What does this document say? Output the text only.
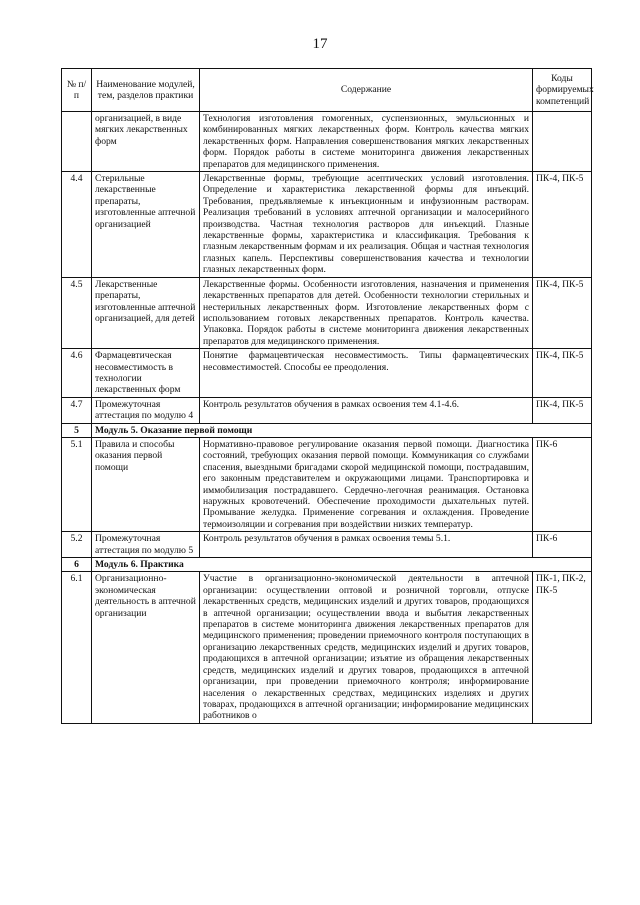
17
№ п/п	Наименование модулей, тем, разделов практики	Содержание	Коды формируемых компетенций
	организацией, в виде мягких лекарственных форм	Технология изготовления гомогенных, суспензионных, эмульсионных и комбинированных мягких лекарственных форм. Контроль качества мягких лекарственных форм. Направления совершенствования мягких лекарственных форм. Порядок работы в системе мониторинга движения лекарственных препаратов для медицинского применения.	
4.4	Стерильные лекарственные препараты, изготовленные аптечной организацией	Лекарственные формы, требующие асептических условий изготовления. Определение и характеристика лекарственной формы для инъекций. Требования, предъявляемые к инъекционным и инфузионным растворам. Реализация требований в условиях аптечной организации и малосерийного производства. Частная технология растворов для инъекций. Глазные лекарственные формы, характеристика и классификация. Требования к глазным лекарственным формам и их реализация. Общая и частная технология глазных капель. Перспективы совершенствования качества и технологии глазных лекарственных форм.	ПК-4, ПК-5
4.5	Лекарственные препараты, изготовленные аптечной организацией, для детей	Лекарственные формы. Особенности изготовления, назначения и применения лекарственных препаратов для детей. Особенности технологии стерильных и нестерильных лекарственных форм. Изготовление лекарственных форм с использованием готовых лекарственных препаратов. Контроль качества. Упаковка. Порядок работы в системе мониторинга движения лекарственных препаратов для медицинского применения.	ПК-4, ПК-5
4.6	Фармацевтическая несовместимость в технологии лекарственных форм	Понятие фармацевтическая несовместимость. Типы фармацевтических несовместимостей. Способы ее преодоления.	ПК-4, ПК-5
4.7	Промежуточная аттестация по модулю 4	Контроль результатов обучения в рамках освоения тем 4.1-4.6.	ПК-4, ПК-5
5	Модуль 5. Оказание первой помощи		
5.1	Правила и способы оказания первой помощи	Нормативно-правовое регулирование оказания первой помощи. Диагностика состояний, требующих оказания первой помощи. Коммуникация со службами спасения, выездными бригадами скорой медицинской помощи, пострадавшим, его законным представителем и окружающими лицами. Транспортировка и иммобилизация пострадавшего. Сердечно-легочная реанимация. Остановка наружных кровотечений. Обеспечение проходимости дыхательных путей. Промывание желудка. Применение согревания и охлаждения. Проведение термоизоляции и согревания при воздействии низких температур.	ПК-6
5.2	Промежуточная аттестация по модулю 5	Контроль результатов обучения в рамках освоения темы 5.1.	ПК-6
6	Модуль 6. Практика		
6.1	Организационно-экономическая деятельность в аптечной организации	Участие в организационно-экономической деятельности в аптечной организации: осуществлении оптовой и розничной торговли, отпуске лекарственных средств, медицинских изделий и других товаров, продающихся в аптечной организации; осуществлении ввода и выбытия лекарственных препаратов в системе мониторинга движения лекарственных препаратов для медицинского применения; проведении приемочного контроля поступающих в организацию лекарственных средств, медицинских изделий и других товаров, продающихся в аптечной организации; изъятие из обращения лекарственных средств, медицинских изделий и других товаров, продающихся в аптечной организации, при проведении приемочного контроля; информирование населения о лекарственных средствах, медицинских изделиях и других товарах, продающихся в аптечной организации; информирование медицинских работников о	ПК-1, ПК-2, ПК-5
